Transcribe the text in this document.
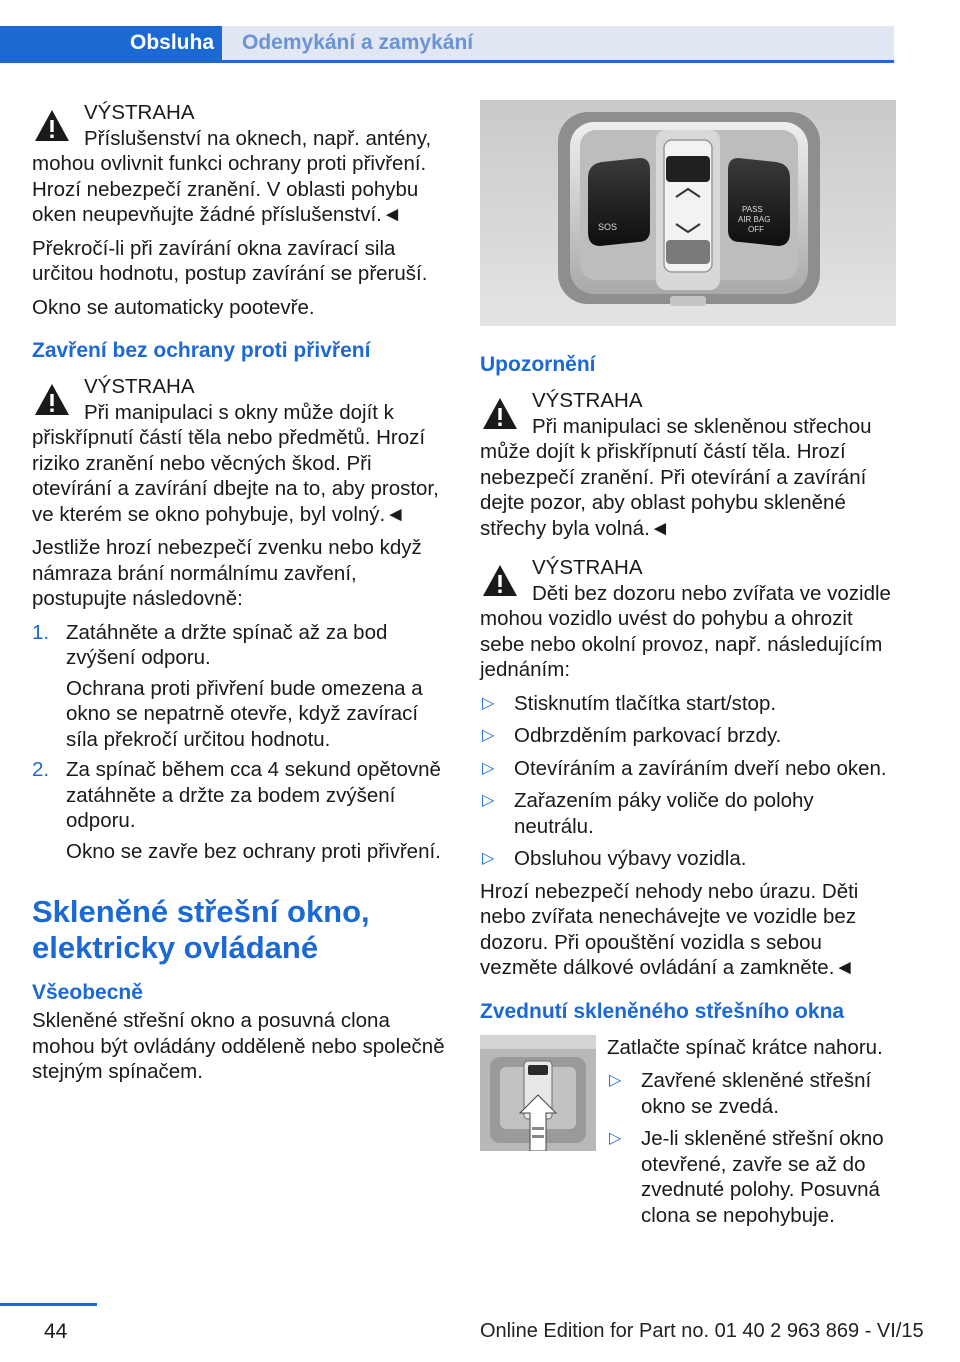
Obsluha	Odemykání a zamykání

VÝSTRAHA

Příslušenství na oknech, např. antény,

mohou ovlivnit funkci ochrany proti přivření. Hrozí nebezpečí zranění. V oblasti pohybu oken neupevňujte žádné příslušenství.◄

Překročí-li při zavírání okna zavírací sila určitou hodnotu, postup zavírání se přeruší.

Okno se automaticky pootevře.

Zavření bez ochrany proti přivření

VÝSTRAHA

Při manipulaci s okny může dojít k

přiskřípnutí částí těla nebo předmětů. Hrozí riziko zranění nebo věcných škod. Při otevírání a zavírání dbejte na to, aby prostor, ve kterém se okno pohybuje, byl volný.◄

Jestliže hrozí nebezpečí zvenku nebo když námraza brání normálnímu zavření, postupujte následovně:

1. Zatáhněte a držte spínač až za bod zvýšení odporu.
Ochrana proti přivření bude omezena a okno se nepatrně otevře, když zavírací síla překročí určitou hodnotu.
2. Za spínač během cca 4 sekund opětovně zatáhněte a držte za bodem zvýšení odporu.
Okno se zavře bez ochrany proti přivření.
Skleněné střešní okno, elektricky ovládané
Všeobecně

Skleněné střešní okno a posuvná clona mohou být ovládány odděleně nebo společně stejným spínačem.

SOS
PASS
AIR BAG
OFF
Upozornění

VÝSTRAHA

Při manipulaci se skleněnou střechou

může dojít k přiskřípnutí částí těla. Hrozí nebezpečí zranění. Při otevírání a zavírání dejte pozor, aby oblast pohybu skleněné střechy byla volná.◄

VÝSTRAHA

Děti bez dozoru nebo zvířata ve vozidle

mohou vozidlo uvést do pohybu a ohrozit sebe nebo okolní provoz, např. následujícím jednáním:

▷ Stisknutím tlačítka start/stop.
▷ Odbrzděním parkovací brzdy.
▷ Otevíráním a zavíráním dveří nebo oken.
▷ Zařazením páky voliče do polohy neutrálu.
▷ Obsluhou výbavy vozidla.

Hrozí nebezpečí nehody nebo úrazu. Děti nebo zvířata nenechávejte ve vozidle bez dozoru. Při opouštění vozidla s sebou vezměte dálkové ovládání a zamkněte.◄

Zvednutí skleněného střešního okna

Zatlačte spínač krátce nahoru.

▷ Zavřené skleněné střešní okno se zvedá.
▷ Je-li skleněné střešní okno otevřené, zavře se až do zvednuté polohy. Posuvná clona se nepohybuje.
44	Online Edition for Part no. 01 40 2 963 869 - VI/15
